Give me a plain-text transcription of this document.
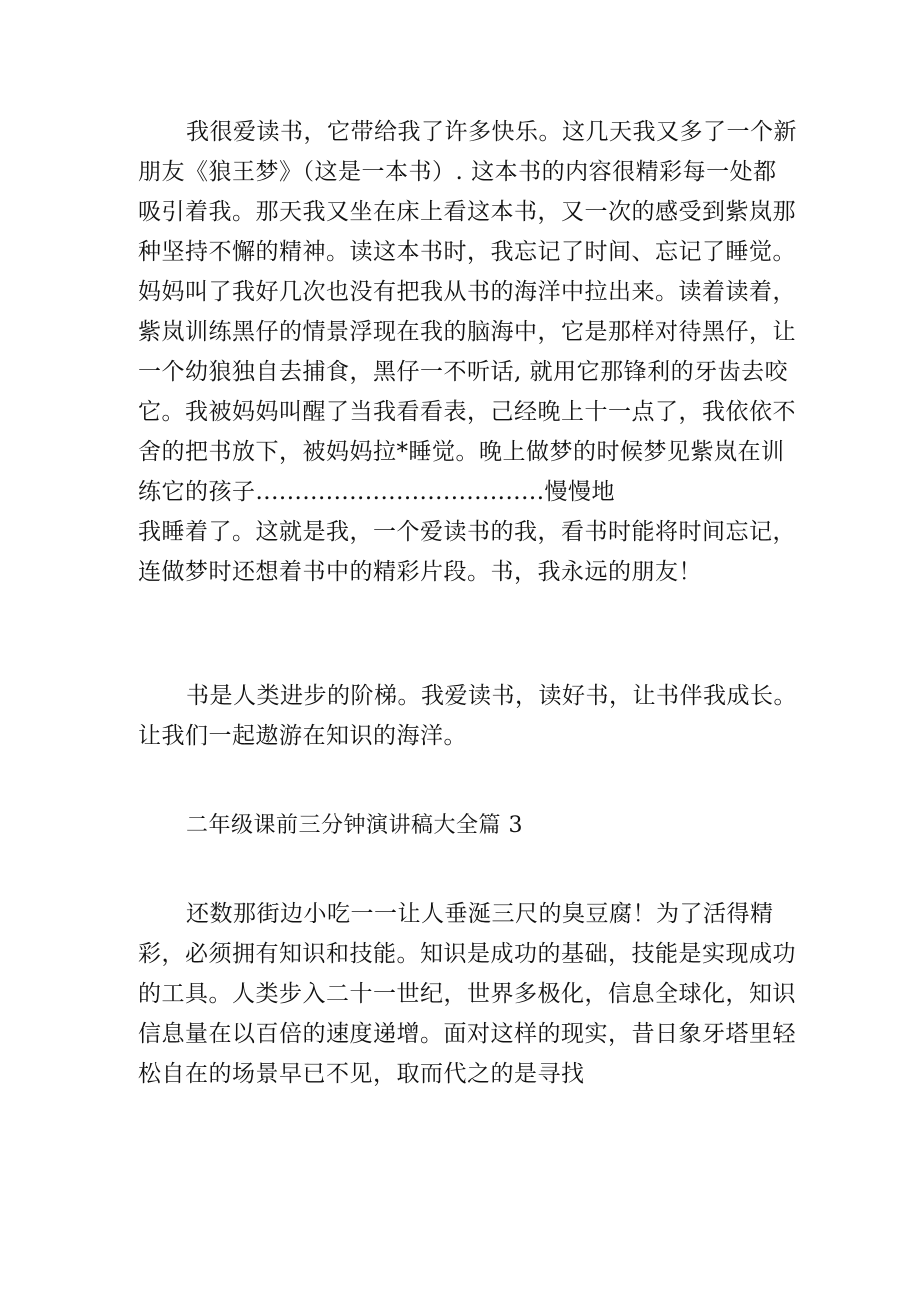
我很爱读书，它带给我了许多快乐。这几天我又多了一个新
朋友《狼王梦》（这是一本书）. 这本书的内容很精彩每一处都
吸引着我。那天我又坐在床上看这本书，又一次的感受到紫岚那
种坚持不懈的精神。读这本书时，我忘记了时间、忘记了睡觉。
妈妈叫了我好几次也没有把我从书的海洋中拉出来。读着读着，
紫岚训练黑仔的情景浮现在我的脑海中，它是那样对待黑仔，让
一个幼狼独自去捕食，黑仔一不听话, 就用它那锋利的牙齿去咬
它。我被妈妈叫醒了当我看看表，己经晚上十一点了，我依依不
舍的把书放下，被妈妈拉*睡觉。晚上做梦的时候梦见紫岚在训
练它的孩子.....................................慢慢地
我睡着了。这就是我，一个爱读书的我，看书时能将时间忘记，
连做梦时还想着书中的精彩片段。书，我永远的朋友！
书是人类进步的阶梯。我爱读书，读好书，让书伴我成长。
让我们一起遨游在知识的海洋。
二年级课前三分钟演讲稿大全篇 3
还数那街边小吃一一让人垂涎三尺的臭豆腐！为了活得精
彩，必须拥有知识和技能。知识是成功的基础，技能是实现成功
的工具。人类步入二十一世纪，世界多极化，信息全球化，知识
信息量在以百倍的速度递增。面对这样的现实，昔日象牙塔里轻
松自在的场景早已不见，取而代之的是寻找
